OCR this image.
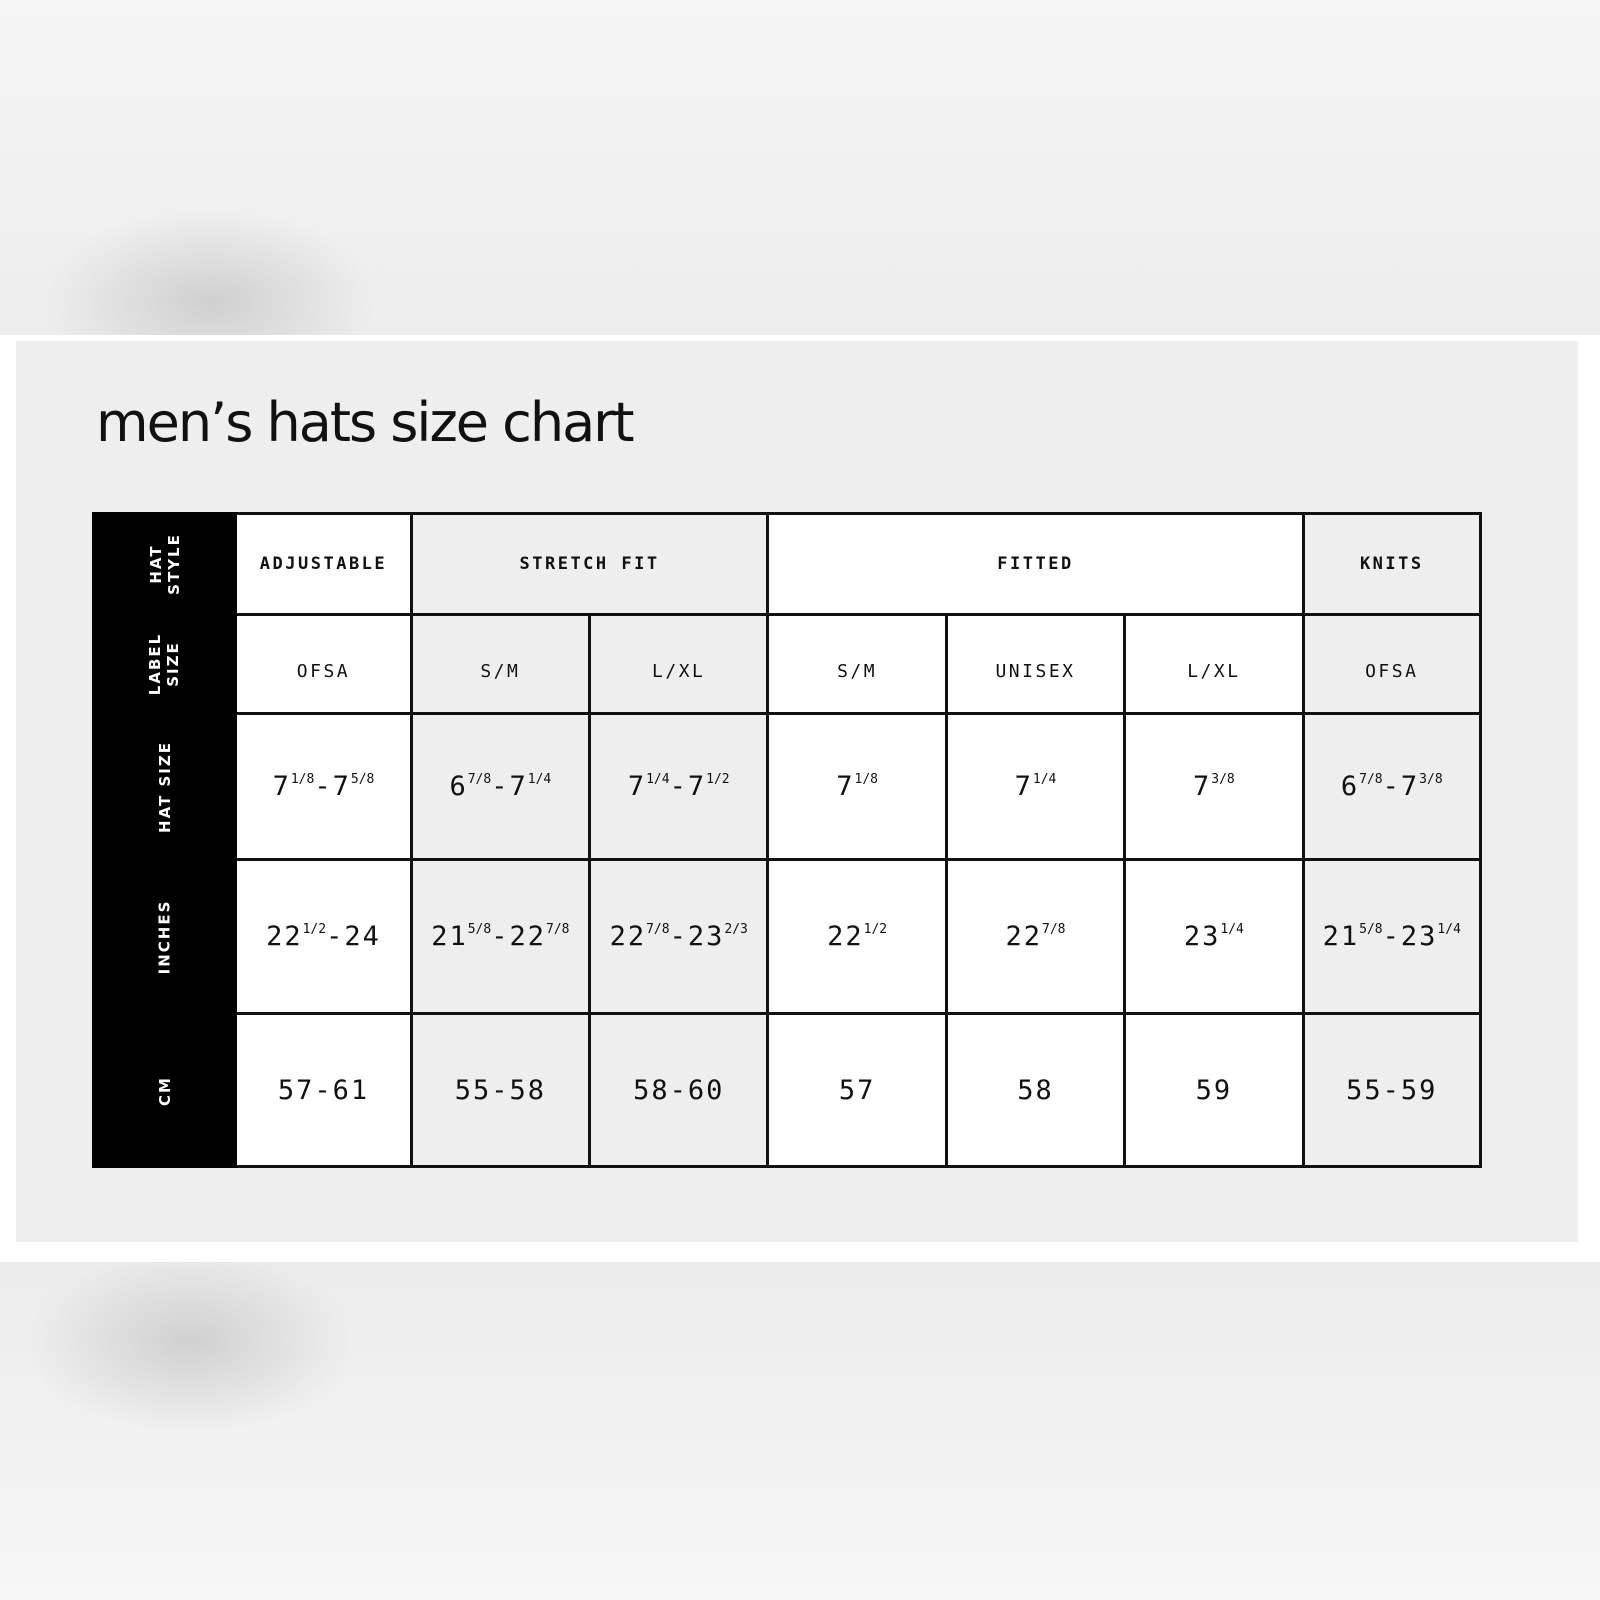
men’s hats size chart
HAT
STYLE	ADJUSTABLE	STRETCH FIT		FITTED			KNITS
LABEL
SIZE	OFSA	S/M	L/XL	S/M	UNISEX	L/XL	OFSA
HAT SIZE	$7^{1/8}-7^{5/8}$	$6^{7/8}-7^{1/4}$	$7^{1/4}-7^{1/2}$	$7^{1/8}$	$7^{1/4}$	$7^{3/8}$	$6^{7/8}-7^{3/8}$
INCHES	$22^{1/2}-24$	$21^{5/8}-22^{7/8}$	$22^{7/8}-23^{2/3}$	$22^{1/2}$	$22^{7/8}$	$23^{1/4}$	$21^{5/8}-23^{1/4}$
CM	57-61	55-58	58-60	57	58	59	55-59
